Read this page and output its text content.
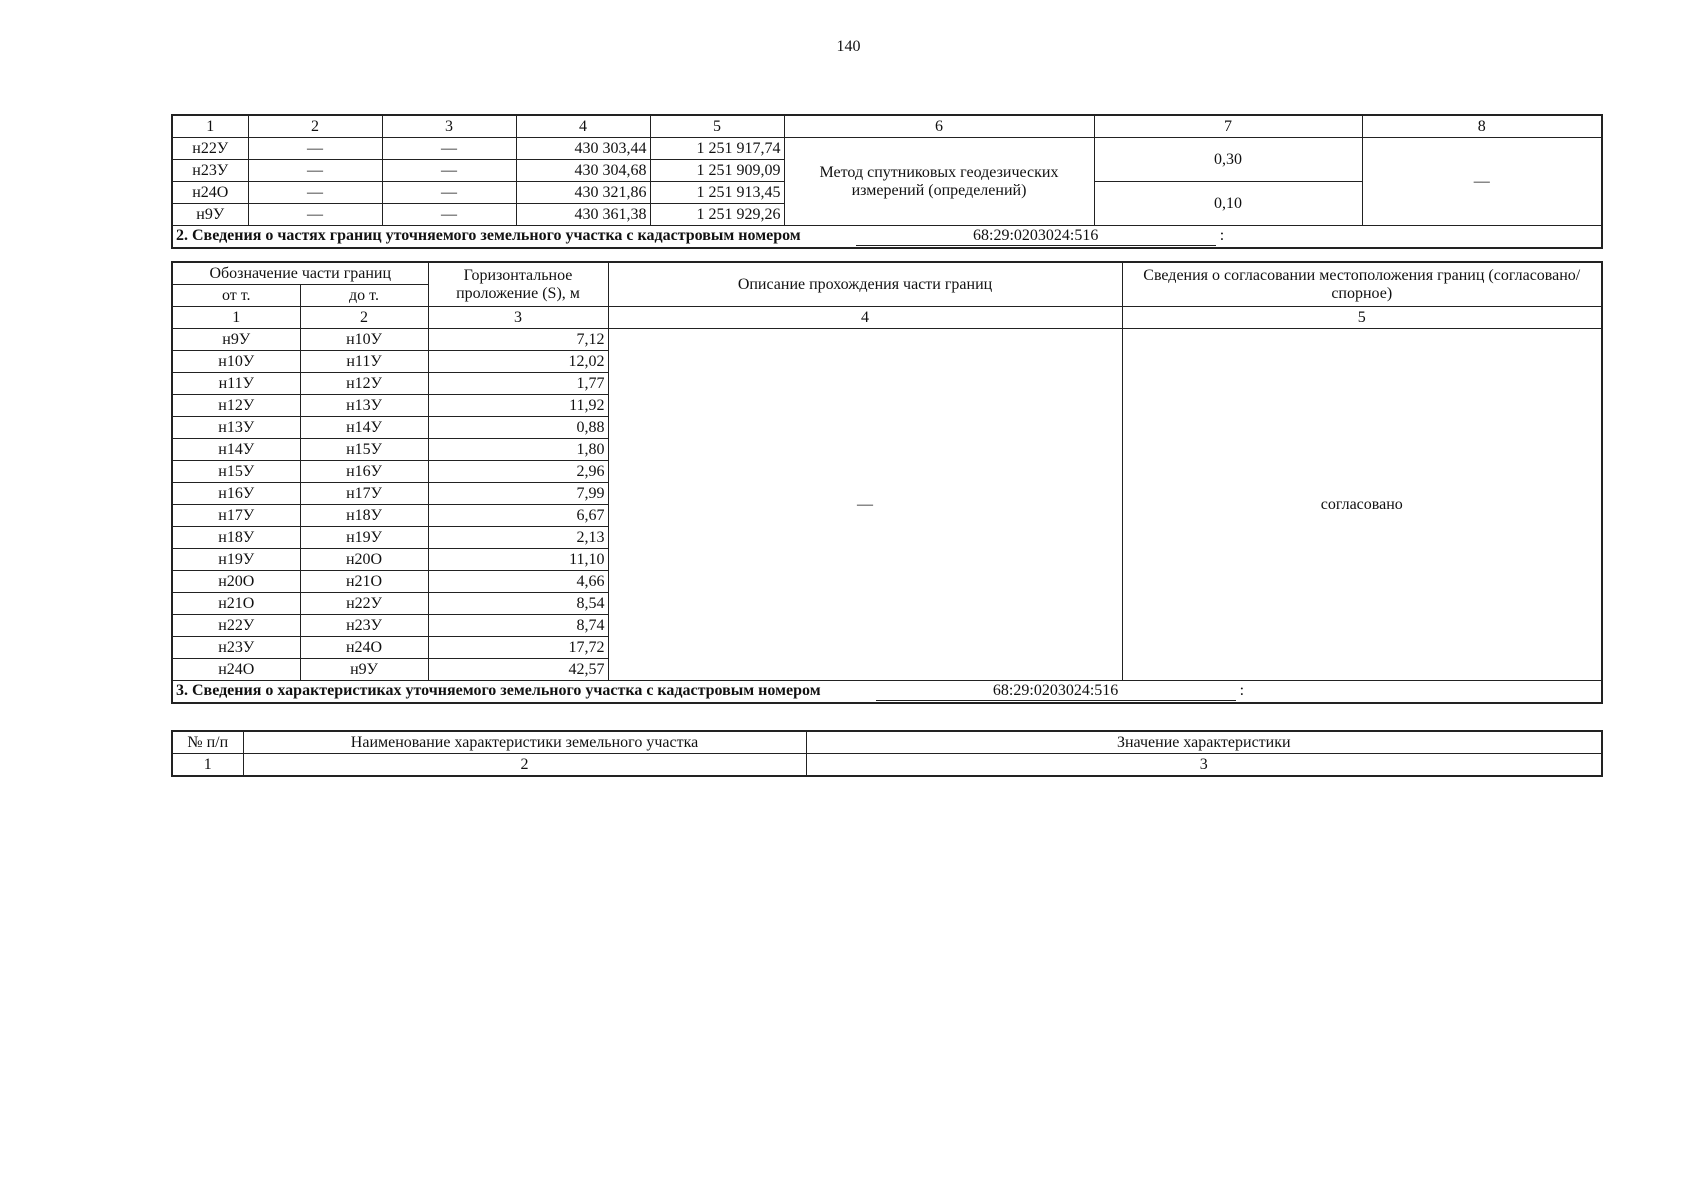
140
1	2	3	4	5	6	7	8
н22У	—	—	430 303,44	1 251 917,74	Метод спутниковых геодезических измерений (определений)	0,30	—
н23У	—	—	430 304,68	1 251 909,09			
н24О	—	—	430 321,86	1 251 913,45		0,10	
н9У	—	—	430 361,38	1 251 929,26			
2. Сведения о частях границ уточняемого земельного участка с кадастровым номером 68:29:0203024:516 :							
Обозначение части границ		Горизонтальное проложение (S), м	Описание прохождения части границ	Сведения о согласовании местоположения границ (согласовано/спорное)
от т.	до т.			
1	2	3	4	5
н9У	н10У	7,12	—	согласовано
н10У	н11У	12,02		
н11У	н12У	1,77		
н12У	н13У	11,92		
н13У	н14У	0,88		
н14У	н15У	1,80		
н15У	н16У	2,96		
н16У	н17У	7,99		
н17У	н18У	6,67		
н18У	н19У	2,13		
н19У	н20О	11,10		
н20О	н21О	4,66		
н21О	н22У	8,54		
н22У	н23У	8,74		
н23У	н24О	17,72		
н24О	н9У	42,57		
3. Сведения о характеристиках уточняемого земельного участка с кадастровым номером 68:29:0203024:516 :				
№ п/п	Наименование характеристики земельного участка	Значение характеристики
1	2	3
